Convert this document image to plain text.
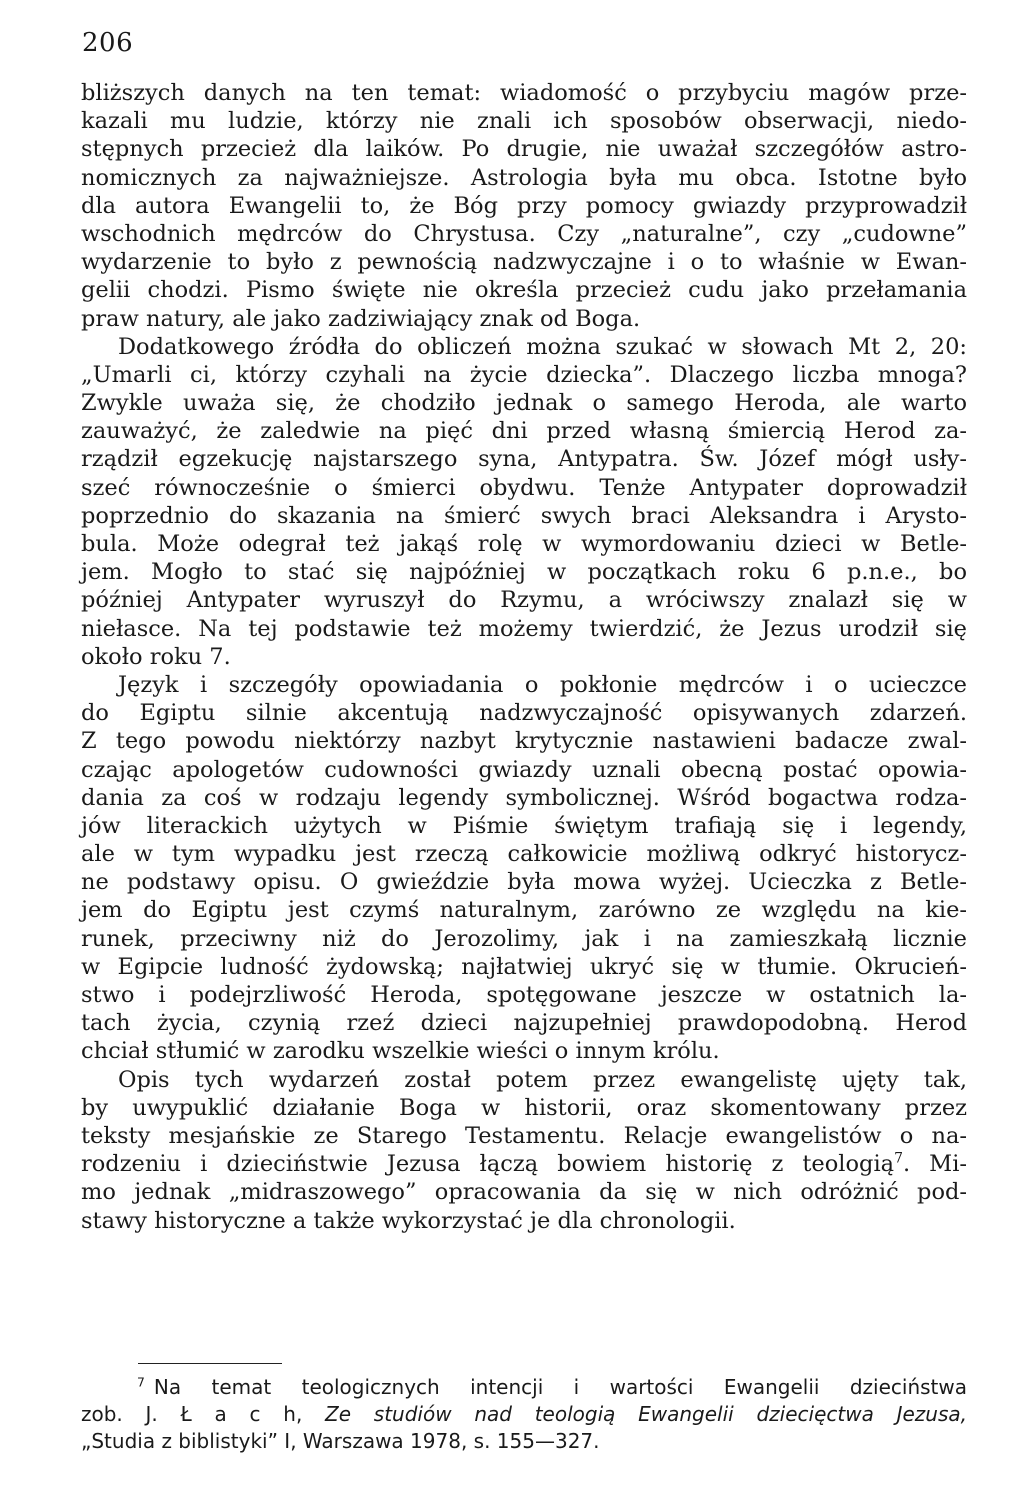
206
bliższych danych na ten temat: wiadomość o przybyciu magów prze-
kazali mu ludzie, którzy nie znali ich sposobów obserwacji, niedo-
stępnych przecież dla laików. Po drugie, nie uważał szczegółów astro-
nomicznych za najważniejsze. Astrologia była mu obca. Istotne było
dla autora Ewangelii to, że Bóg przy pomocy gwiazdy przyprowadził
wschodnich mędrców do Chrystusa. Czy „naturalne”, czy „cudowne”
wydarzenie to było z pewnością nadzwyczajne i o to właśnie w Ewan-
gelii chodzi. Pismo święte nie określa przecież cudu jako przełamania
praw natury, ale jako zadziwiający znak od Boga.
Dodatkowego źródła do obliczeń można szukać w słowach Mt 2, 20:
„Umarli ci, którzy czyhali na życie dziecka”. Dlaczego liczba mnoga?
Zwykle uważa się, że chodziło jednak o samego Heroda, ale warto
zauważyć, że zaledwie na pięć dni przed własną śmiercią Herod za-
rządził egzekucję najstarszego syna, Antypatra. Św. Józef mógł usły-
szeć równocześnie o śmierci obydwu. Tenże Antypater doprowadził
poprzednio do skazania na śmierć swych braci Aleksandra i Arysto-
bula. Może odegrał też jakąś rolę w wymordowaniu dzieci w Betle-
jem. Mogło to stać się najpóźniej w początkach roku 6 p.n.e., bo
później Antypater wyruszył do Rzymu, a wróciwszy znalazł się w
niełasce. Na tej podstawie też możemy twierdzić, że Jezus urodził się
około roku 7.
Język i szczegóły opowiadania o pokłonie mędrców i o ucieczce
do Egiptu silnie akcentują nadzwyczajność opisywanych zdarzeń.
Z tego powodu niektórzy nazbyt krytycznie nastawieni badacze zwal-
czając apologetów cudowności gwiazdy uznali obecną postać opowia-
dania za coś w rodzaju legendy symbolicznej. Wśród bogactwa rodza-
jów literackich użytych w Piśmie świętym trafiają się i legendy,
ale w tym wypadku jest rzeczą całkowicie możliwą odkryć historycz-
ne podstawy opisu. O gwieździe była mowa wyżej. Ucieczka z Betle-
jem do Egiptu jest czymś naturalnym, zarówno ze względu na kie-
runek, przeciwny niż do Jerozolimy, jak i na zamieszkałą licznie
w Egipcie ludność żydowską; najłatwiej ukryć się w tłumie. Okrucień-
stwo i podejrzliwość Heroda, spotęgowane jeszcze w ostatnich la-
tach życia, czynią rzeź dzieci najzupełniej prawdopodobną. Herod
chciał stłumić w zarodku wszelkie wieści o innym królu.
Opis tych wydarzeń został potem przez ewangelistę ujęty tak,
by uwypuklić działanie Boga w historii, oraz skomentowany przez
teksty mesjańskie ze Starego Testamentu. Relacje ewangelistów o na-
rodzeniu i dzieciństwie Jezusa łączą bowiem historię z teologią$^7$. Mi-
mo jednak „midraszowego” opracowania da się w nich odróżnić pod-
stawy historyczne a także wykorzystać je dla chronologii.
$^7$ Na temat teologicznych intencji i wartości Ewangelii dzieciństwa
zob. J. Ł a c h, Ze studiów nad teologią Ewangelii dziecięctwa Jezusa,
„Studia z biblistyki” I, Warszawa 1978, s. 155—327.
